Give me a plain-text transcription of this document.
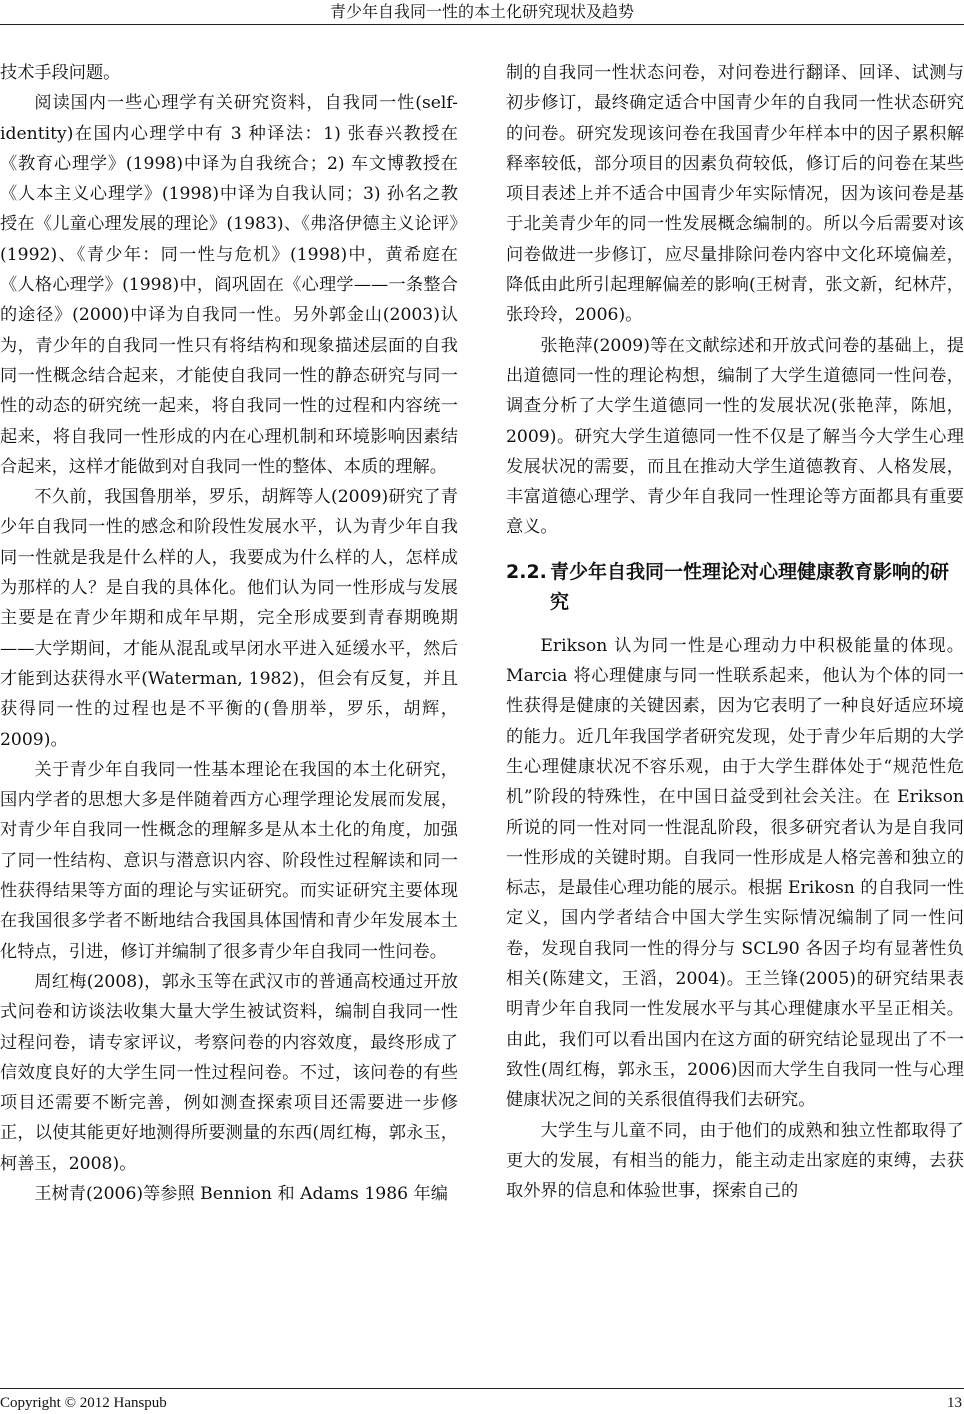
青少年自我同一性的本土化研究现状及趋势

技术手段问题。

阅读国内一些心理学有关研究资料，自我同一性(self-identity)在国内心理学中有 3 种译法：1) 张春兴教授在《教育心理学》(1998)中译为自我统合；2) 车文博教授在《人本主义心理学》(1998)中译为自我认同；3) 孙名之教授在《儿童心理发展的理论》(1983)、《弗洛伊德主义论评》(1992)、《青少年：同一性与危机》(1998)中，黄希庭在《人格心理学》(1998)中，阎巩固在《心理学——一条整合的途径》(2000)中译为自我同一性。另外郭金山(2003)认为，青少年的自我同一性只有将结构和现象描述层面的自我同一性概念结合起来，才能使自我同一性的静态研究与同一性的动态的研究统一起来，将自我同一性的过程和内容统一起来，将自我同一性形成的内在心理机制和环境影响因素结合起来，这样才能做到对自我同一性的整体、本质的理解。

不久前，我国鲁朋举，罗乐，胡辉等人(2009)研究了青少年自我同一性的感念和阶段性发展水平，认为青少年自我同一性就是我是什么样的人，我要成为什么样的人，怎样成为那样的人？是自我的具体化。他们认为同一性形成与发展主要是在青少年期和成年早期，完全形成要到青春期晚期——大学期间，才能从混乱或早闭水平进入延缓水平，然后才能到达获得水平(Waterman, 1982)，但会有反复，并且获得同一性的过程也是不平衡的(鲁朋举，罗乐，胡辉，2009)。

关于青少年自我同一性基本理论在我国的本土化研究，国内学者的思想大多是伴随着西方心理学理论发展而发展，对青少年自我同一性概念的理解多是从本土化的角度，加强了同一性结构、意识与潜意识内容、阶段性过程解读和同一性获得结果等方面的理论与实证研究。而实证研究主要体现在我国很多学者不断地结合我国具体国情和青少年发展本土化特点，引进，修订并编制了很多青少年自我同一性问卷。

周红梅(2008)，郭永玉等在武汉市的普通高校通过开放式问卷和访谈法收集大量大学生被试资料，编制自我同一性过程问卷，请专家评议，考察问卷的内容效度，最终形成了信效度良好的大学生同一性过程问卷。不过，该问卷的有些项目还需要不断完善，例如测查探索项目还需要进一步修正，以使其能更好地测得所要测量的东西(周红梅，郭永玉，柯善玉，2008)。

王树青(2006)等参照 Bennion 和 Adams 1986 年编

制的自我同一性状态问卷，对问卷进行翻译、回译、试测与初步修订，最终确定适合中国青少年的自我同一性状态研究的问卷。研究发现该问卷在我国青少年样本中的因子累积解释率较低，部分项目的因素负荷较低，修订后的问卷在某些项目表述上并不适合中国青少年实际情况，因为该问卷是基于北美青少年的同一性发展概念编制的。所以今后需要对该问卷做进一步修订，应尽量排除问卷内容中文化环境偏差，降低由此所引起理解偏差的影响(王树青，张文新，纪林芹，张玲玲，2006)。

张艳萍(2009)等在文献综述和开放式问卷的基础上，提出道德同一性的理论构想，编制了大学生道德同一性问卷，调查分析了大学生道德同一性的发展状况(张艳萍，陈旭，2009)。研究大学生道德同一性不仅是了解当今大学生心理发展状况的需要，而且在推动大学生道德教育、人格发展，丰富道德心理学、青少年自我同一性理论等方面都具有重要意义。

2.2. 青少年自我同一性理论对心理健康教育影响的研究

Erikson 认为同一性是心理动力中积极能量的体现。Marcia 将心理健康与同一性联系起来，他认为个体的同一性获得是健康的关键因素，因为它表明了一种良好适应环境的能力。近几年我国学者研究发现，处于青少年后期的大学生心理健康状况不容乐观，由于大学生群体处于“规范性危机”阶段的特殊性，在中国日益受到社会关注。在 Erikson 所说的同一性对同一性混乱阶段，很多研究者认为是自我同一性形成的关键时期。自我同一性形成是人格完善和独立的标志，是最佳心理功能的展示。根据 Erikosn 的自我同一性定义，国内学者结合中国大学生实际情况编制了同一性问卷，发现自我同一性的得分与 SCL90 各因子均有显著性负相关(陈建文，王滔，2004)。王兰锋(2005)的研究结果表明青少年自我同一性发展水平与其心理健康水平呈正相关。由此，我们可以看出国内在这方面的研究结论显现出了不一致性(周红梅，郭永玉，2006)因而大学生自我同一性与心理健康状况之间的关系很值得我们去研究。

大学生与儿童不同，由于他们的成熟和独立性都取得了更大的发展，有相当的能力，能主动走出家庭的束缚，去获取外界的信息和体验世事，探索自己的

Copyright © 2012 Hanspub	13
